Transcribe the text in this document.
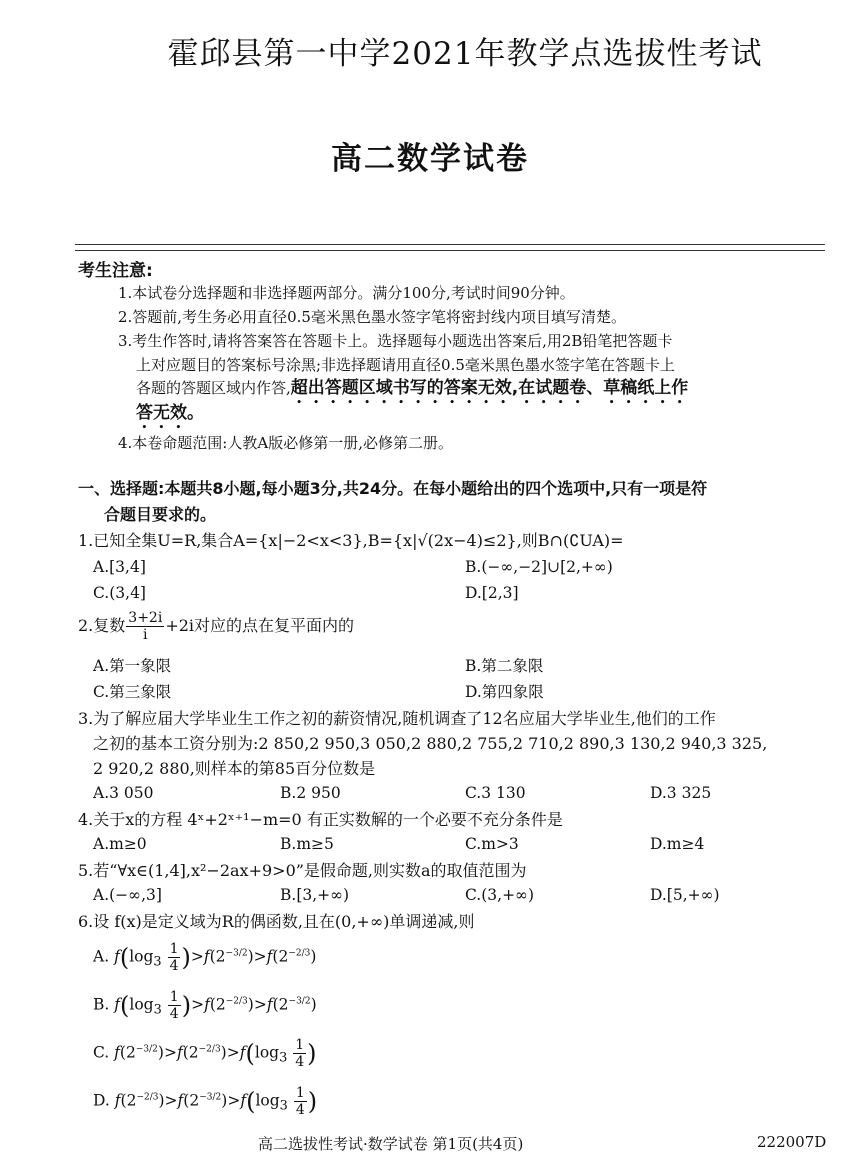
霍邱县第一中学2021年教学点选拔性考试
高二数学试卷
考生注意:
1.本试卷分选择题和非选择题两部分。满分100分,考试时间90分钟。
2.答题前,考生务必用直径0.5毫米黑色墨水签字笔将密封线内项目填写清楚。
3.考生作答时,请将答案答在答题卡上。选择题每小题选出答案后,用2B铅笔把答题卡
上对应题目的答案标号涂黑;非选择题请用直径0.5毫米黑色墨水签字笔在答题卡上
各题的答题区域内作答,超出答题区域书写的答案无效,在试题卷、草稿纸上作
答无效。
4.本卷命题范围:人教A版必修第一册,必修第二册。
一、选择题:本题共8小题,每小题3分,共24分。在每小题给出的四个选项中,只有一项是符
合题目要求的。
1.已知全集U=R,集合A={x|−2<x<3},B={x|√(2x−4)≤2},则B∩(∁UA)=
A.[3,4]	B.(−∞,−2]∪[2,+∞)
C.(3,4]	D.[2,3]
2.复数 $\frac{3+2i}{i} +2i$对应的点在复平面内的
A.第一象限	B.第二象限
C.第三象限	D.第四象限
3.为了解应届大学毕业生工作之初的薪资情况,随机调查了12名应届大学毕业生,他们的工作
之初的基本工资分别为:2 850,2 950,3 050,2 880,2 755,2 710,2 890,3 130,2 940,3 325,
2 920,2 880,则样本的第85百分位数是
A.3 050	B.2 950	C.3 130	D.3 325
4.关于x的方程 4ˣ+2ˣ⁺¹−m=0 有正实数解的一个必要不充分条件是
A.m≥0	B.m≥5	C.m>3	D.m≥4
5.若“∀x∈(1,4],x²−2ax+9>0”是假命题,则实数a的取值范围为
A.(−∞,3]	B.[3,+∞)	C.(3,+∞)	D.[5,+∞)
6.设 f(x)是定义域为R的偶函数,且在(0,+∞)单调递减,则
A. $f(\log_3 \frac{1}{4} )>f(2^{-3/2})>f(2^{-2/3})$
B. $f(\log_3 \frac{1}{4} )>f(2^{-2/3})>f(2^{-3/2})$
C. $f(2^{-3/2})>f(2^{-2/3})>f(\log_3 \frac{1}{4}$ )
D. $f(2^{-2/3})>f(2^{-3/2})>f(\log_3 \frac{1}{4}$ )
高二选拔性考试·数学试卷 第1页(共4页)	222007D
